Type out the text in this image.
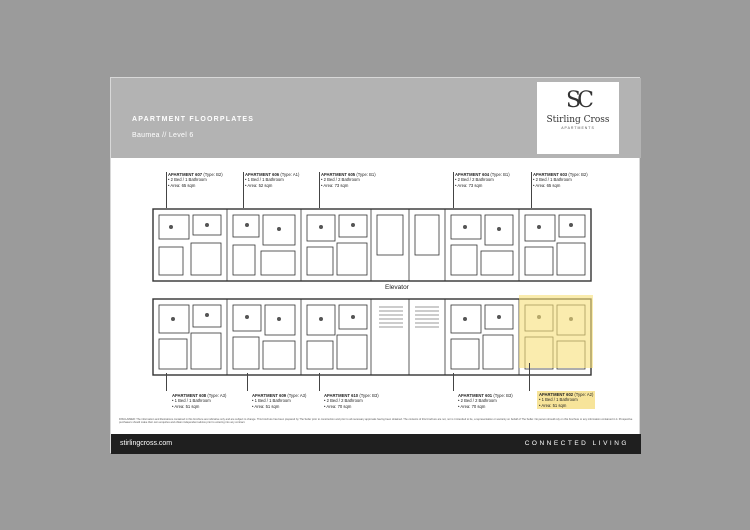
APARTMENT FLOORPLATES
Baumea // Level 6
SC
Stirling Cross
APARTMENTS
APARTMENT 607 (Type: B2)
• 2 Bed / 1 Bathroom
• Area: 65 sqm
APARTMENT 606 (Type: A1)
• 1 Bed / 1 Bathroom
• Area: 52 sqm
APARTMENT 605 (Type: B1)
• 2 Bed / 2 Bathroom
• Area: 73 sqm
APARTMENT 604 (Type: B1)
• 2 Bed / 2 Bathroom
• Area: 73 sqm
APARTMENT 603 (Type: B2)
• 2 Bed / 1 Bathroom
• Area: 65 sqm
Elevator
APARTMENT 608 (Type: A3)
• 1 Bed / 1 Bathroom
• Area: 51 sqm
APARTMENT 609 (Type: A3)
• 1 Bed / 1 Bathroom
• Area: 51 sqm
APARTMENT 610 (Type: B3)
• 2 Bed / 2 Bathroom
• Area: 70 sqm
APARTMENT 601 (Type: B3)
• 2 Bed / 2 Bathroom
• Area: 70 sqm
APARTMENT 602 (Type: A2)
• 1 Bed / 1 Bathroom
• Area: 51 sqm
DISCLAIMER: The information and illustrations contained in this brochure are indicative only and are subject to change. This brochure has been prepared by The Seller prior to construction and prior to all necessary approvals having been obtained. The contents of this brochure are not, nor is it intended to be, a representation or warranty on behalf of The Seller. No person should rely on this brochure or any information contained in it. Prospective purchasers should make their own enquiries and obtain independent advice prior to entering into any contract.
stirlingcross.com	CONNECTED LIVING
